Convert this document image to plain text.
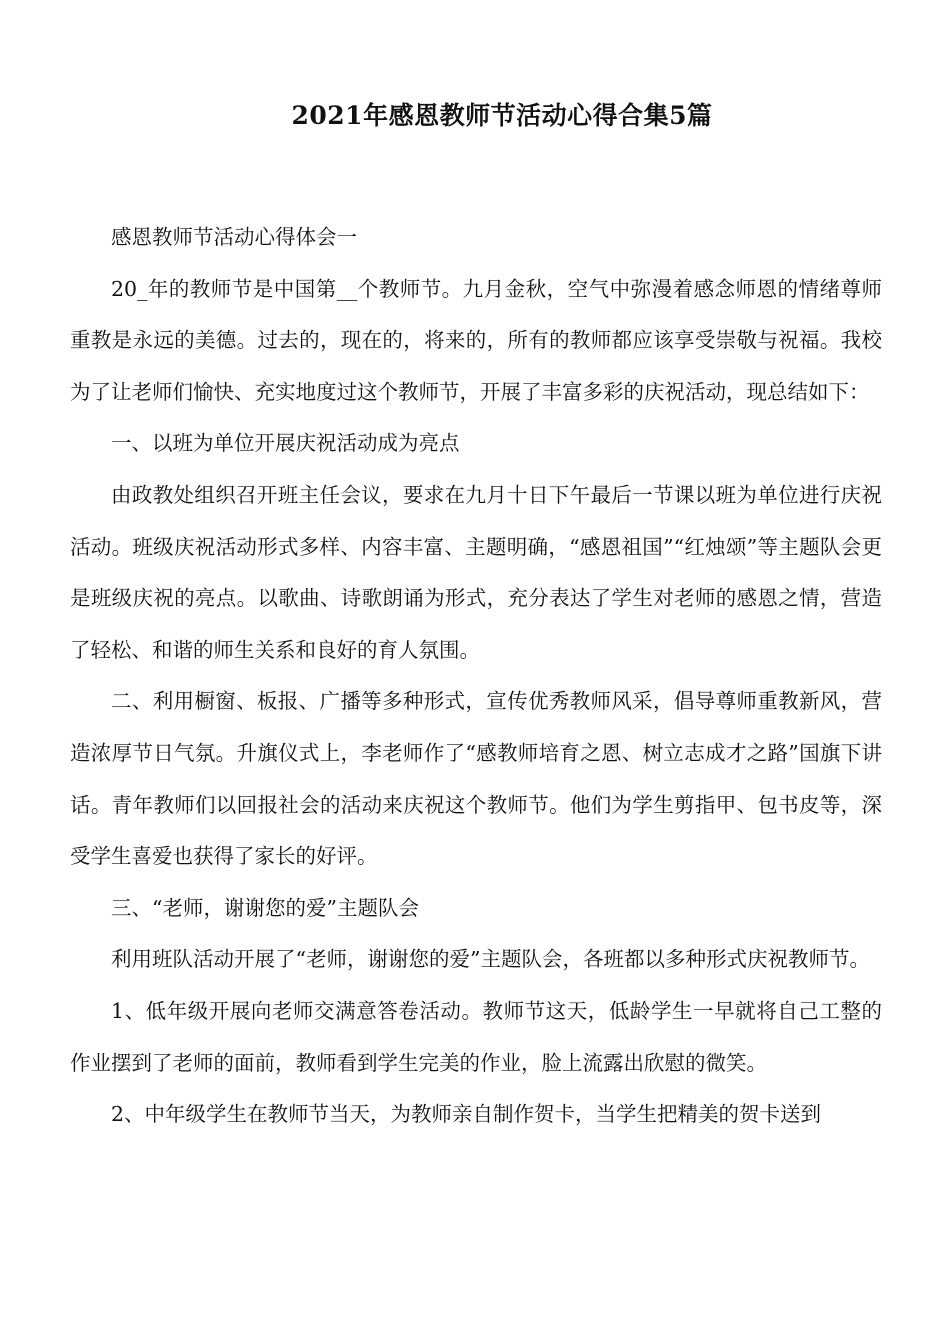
2021年感恩教师节活动心得合集5篇

感恩教师节活动心得体会一

20_年的教师节是中国第__个教师节。九月金秋，空气中弥漫着感念师恩的情绪尊师重教是永远的美德。过去的，现在的，将来的，所有的教师都应该享受崇敬与祝福。我校为了让老师们愉快、充实地度过这个教师节，开展了丰富多彩的庆祝活动，现总结如下：

一、以班为单位开展庆祝活动成为亮点

由政教处组织召开班主任会议，要求在九月十日下午最后一节课以班为单位进行庆祝活动。班级庆祝活动形式多样、内容丰富、主题明确，“感恩祖国”“红烛颂”等主题队会更是班级庆祝的亮点。以歌曲、诗歌朗诵为形式，充分表达了学生对老师的感恩之情，营造了轻松、和谐的师生关系和良好的育人氛围。

二、利用橱窗、板报、广播等多种形式，宣传优秀教师风采，倡导尊师重教新风，营造浓厚节日气氛。升旗仪式上，李老师作了“感教师培育之恩、树立志成才之路”国旗下讲话。青年教师们以回报社会的活动来庆祝这个教师节。他们为学生剪指甲、包书皮等，深受学生喜爱也获得了家长的好评。

三、“老师，谢谢您的爱”主题队会

利用班队活动开展了“老师，谢谢您的爱”主题队会，各班都以多种形式庆祝教师节。

1、低年级开展向老师交满意答卷活动。教师节这天，低龄学生一早就将自己工整的作业摆到了老师的面前，教师看到学生完美的作业，脸上流露出欣慰的微笑。

2、中年级学生在教师节当天，为教师亲自制作贺卡，当学生把精美的贺卡送到
